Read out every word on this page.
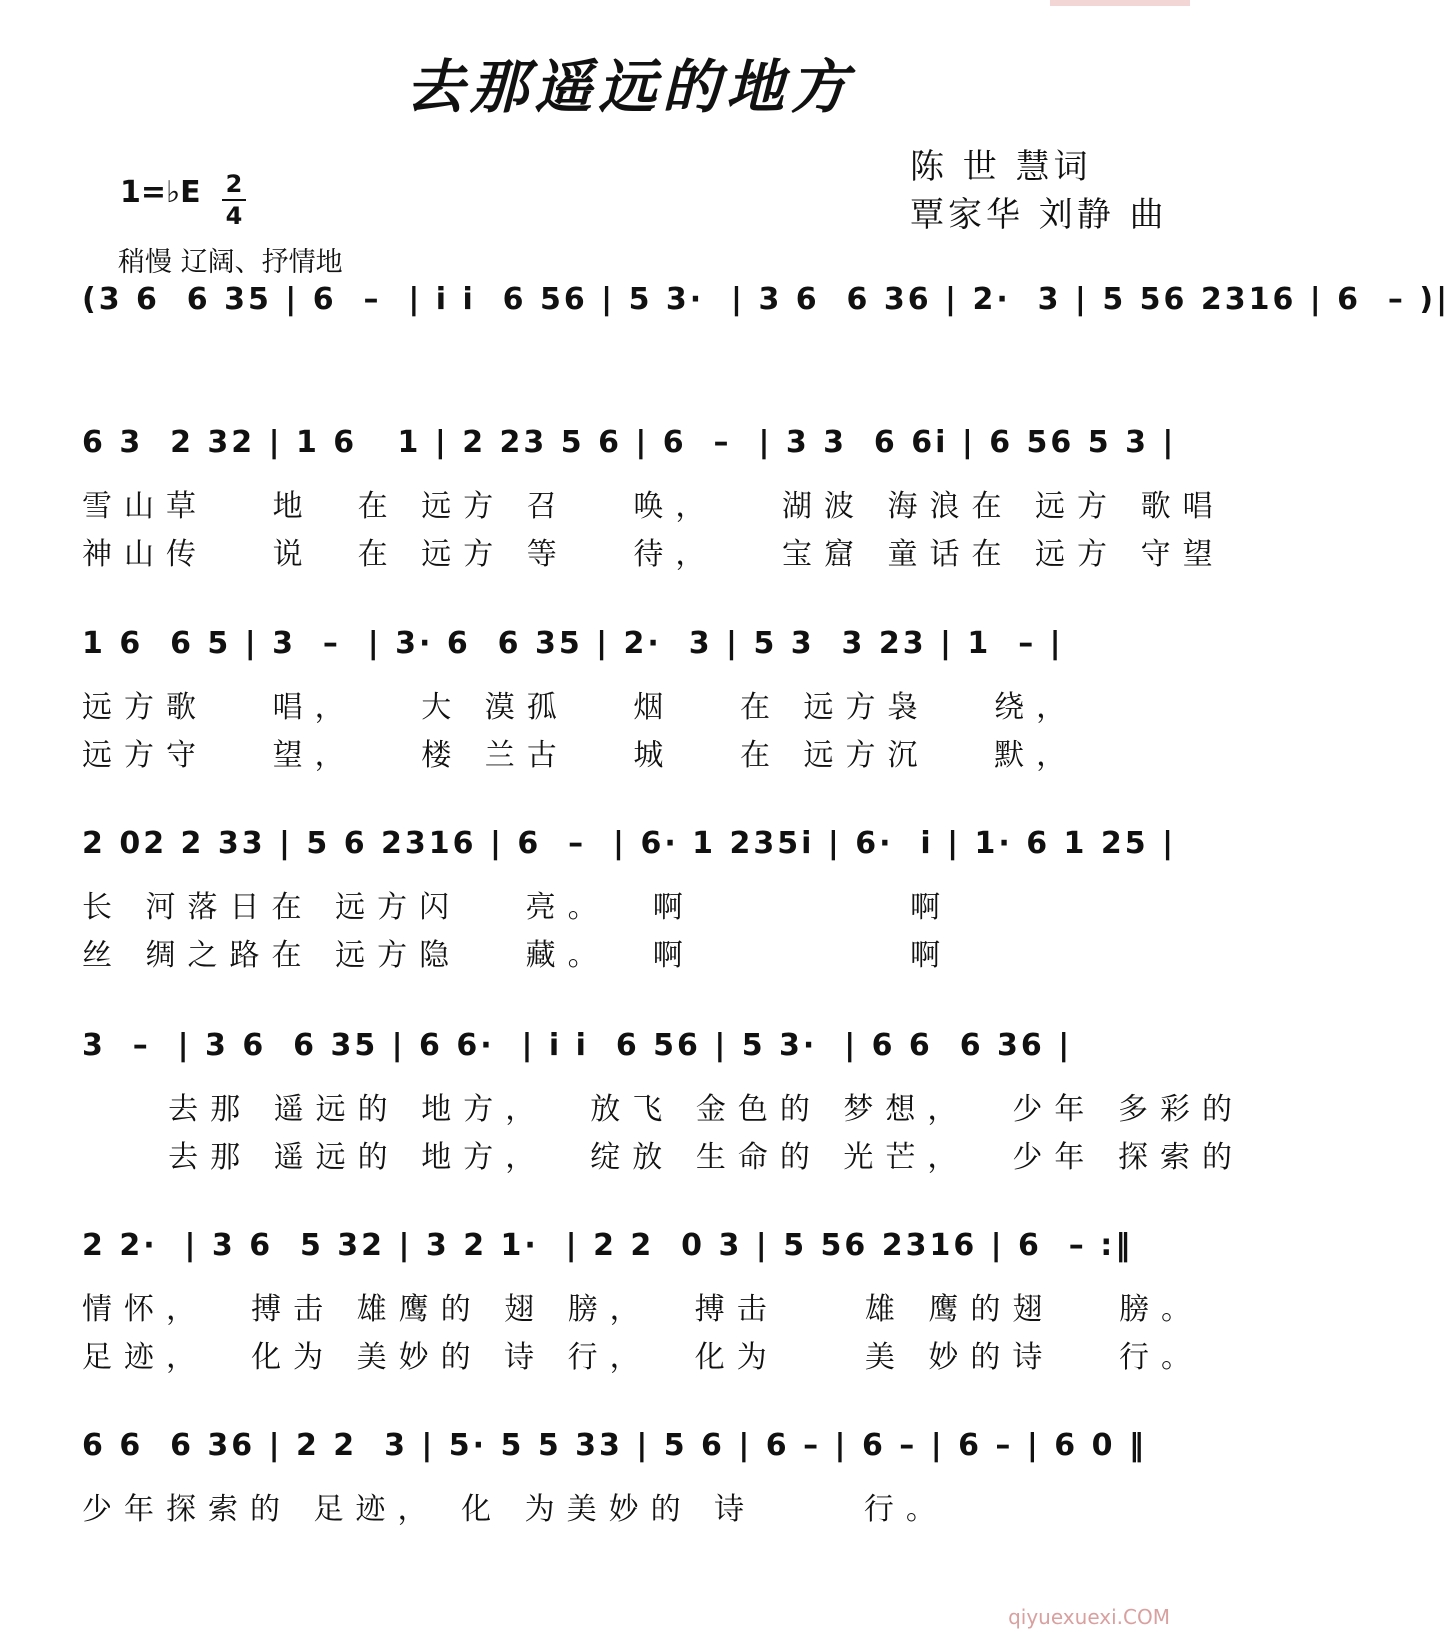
去那遥远的地方
陈 世 慧词
覃家华 刘静 曲
1=♭E 2
4
稍慢 辽阔、抒情地
(3 6  6 35 | 6  –  | i i  6 56 | 5 3·  | 3 6  6 36 | 2·  3 | 5 56 2316 | 6  – )|
6 3  2 32 | 1 6   1 | 2 23 5 6 | 6  –  | 3 3  6 6i | 6 56 5 3 |
雪山草   地  在 远方 召   唤，   湖波 海浪在 远方 歌唱
神山传   说  在 远方 等   待，   宝窟 童话在 远方 守望
1 6  6 5 | 3  –  | 3· 6  6 35 | 2·  3 | 5 3  3 23 | 1  – |
远方歌   唱，   大 漠孤   烟   在 远方袅   绕，
远方守   望，   楼 兰古   城   在 远方沉   默，
2 02 2 33 | 5 6 2316 | 6  –  | 6· 1 235i | 6·  i | 1· 6 1 25 |
长 河落日在 远方闪   亮。  啊          啊
丝 绸之路在 远方隐   藏。  啊          啊
3  –  | 3 6  6 35 | 6 6·  | i i  6 56 | 5 3·  | 6 6  6 36 |
去那 遥远的 地方，  放飞 金色的 梦想，  少年 多彩的
去那 遥远的 地方，  绽放 生命的 光芒，  少年 探索的
2 2·  | 3 6  5 32 | 3 2 1·  | 2 2  0 3 | 5 56 2316 | 6  – :‖
情怀，  搏击 雄鹰的 翅 膀，  搏击    雄 鹰的翅   膀。
足迹，  化为 美妙的 诗 行，  化为    美 妙的诗   行。
6 6  6 36 | 2 2  3 | 5· 5 5 33 | 5 6 | 6 – | 6 – | 6 – | 6 0 ‖
少年探索的 足迹， 化 为美妙的 诗     行。
qiyuexuexi.COM
